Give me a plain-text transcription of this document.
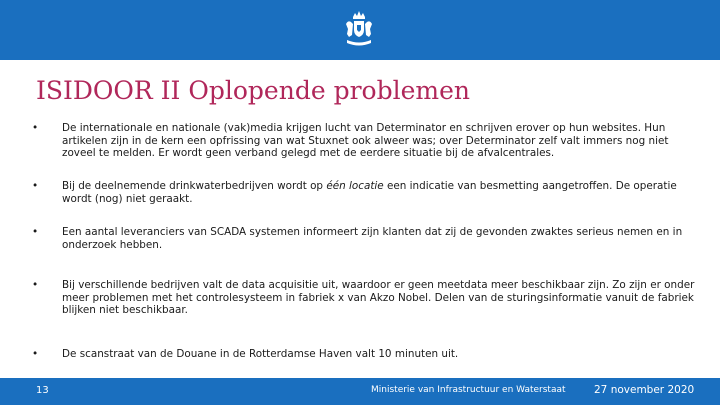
ISIDOOR II Oplopende problemen
•	De internationale en nationale (vak)media krijgen lucht van Determinator en schrijven erover op hun websites. Hun artikelen zijn in de kern een opfrissing van wat Stuxnet ook alweer was; over Determinator zelf valt immers nog niet zoveel te melden. Er wordt geen verband gelegd met de eerdere situatie bij de afvalcentrales.
•	Bij de deelnemende drinkwaterbedrijven wordt op één locatie een indicatie van besmetting aangetroffen. De operatie wordt (nog) niet geraakt.
•	Een aantal leveranciers van SCADA systemen informeert zijn klanten dat zij de gevonden zwaktes serieus nemen en in onderzoek hebben.
•	Bij verschillende bedrijven valt de data acquisitie uit, waardoor er geen meetdata meer beschikbaar zijn. Zo zijn er onder meer problemen met het controlesysteem in fabriek x van Akzo Nobel. Delen van de sturingsinformatie vanuit de fabriek blijken niet beschikbaar.
•	De scanstraat van de Douane in de Rotterdamse Haven valt 10 minuten uit.
13	Ministerie van Infrastructuur en Waterstaat	27 november 2020
